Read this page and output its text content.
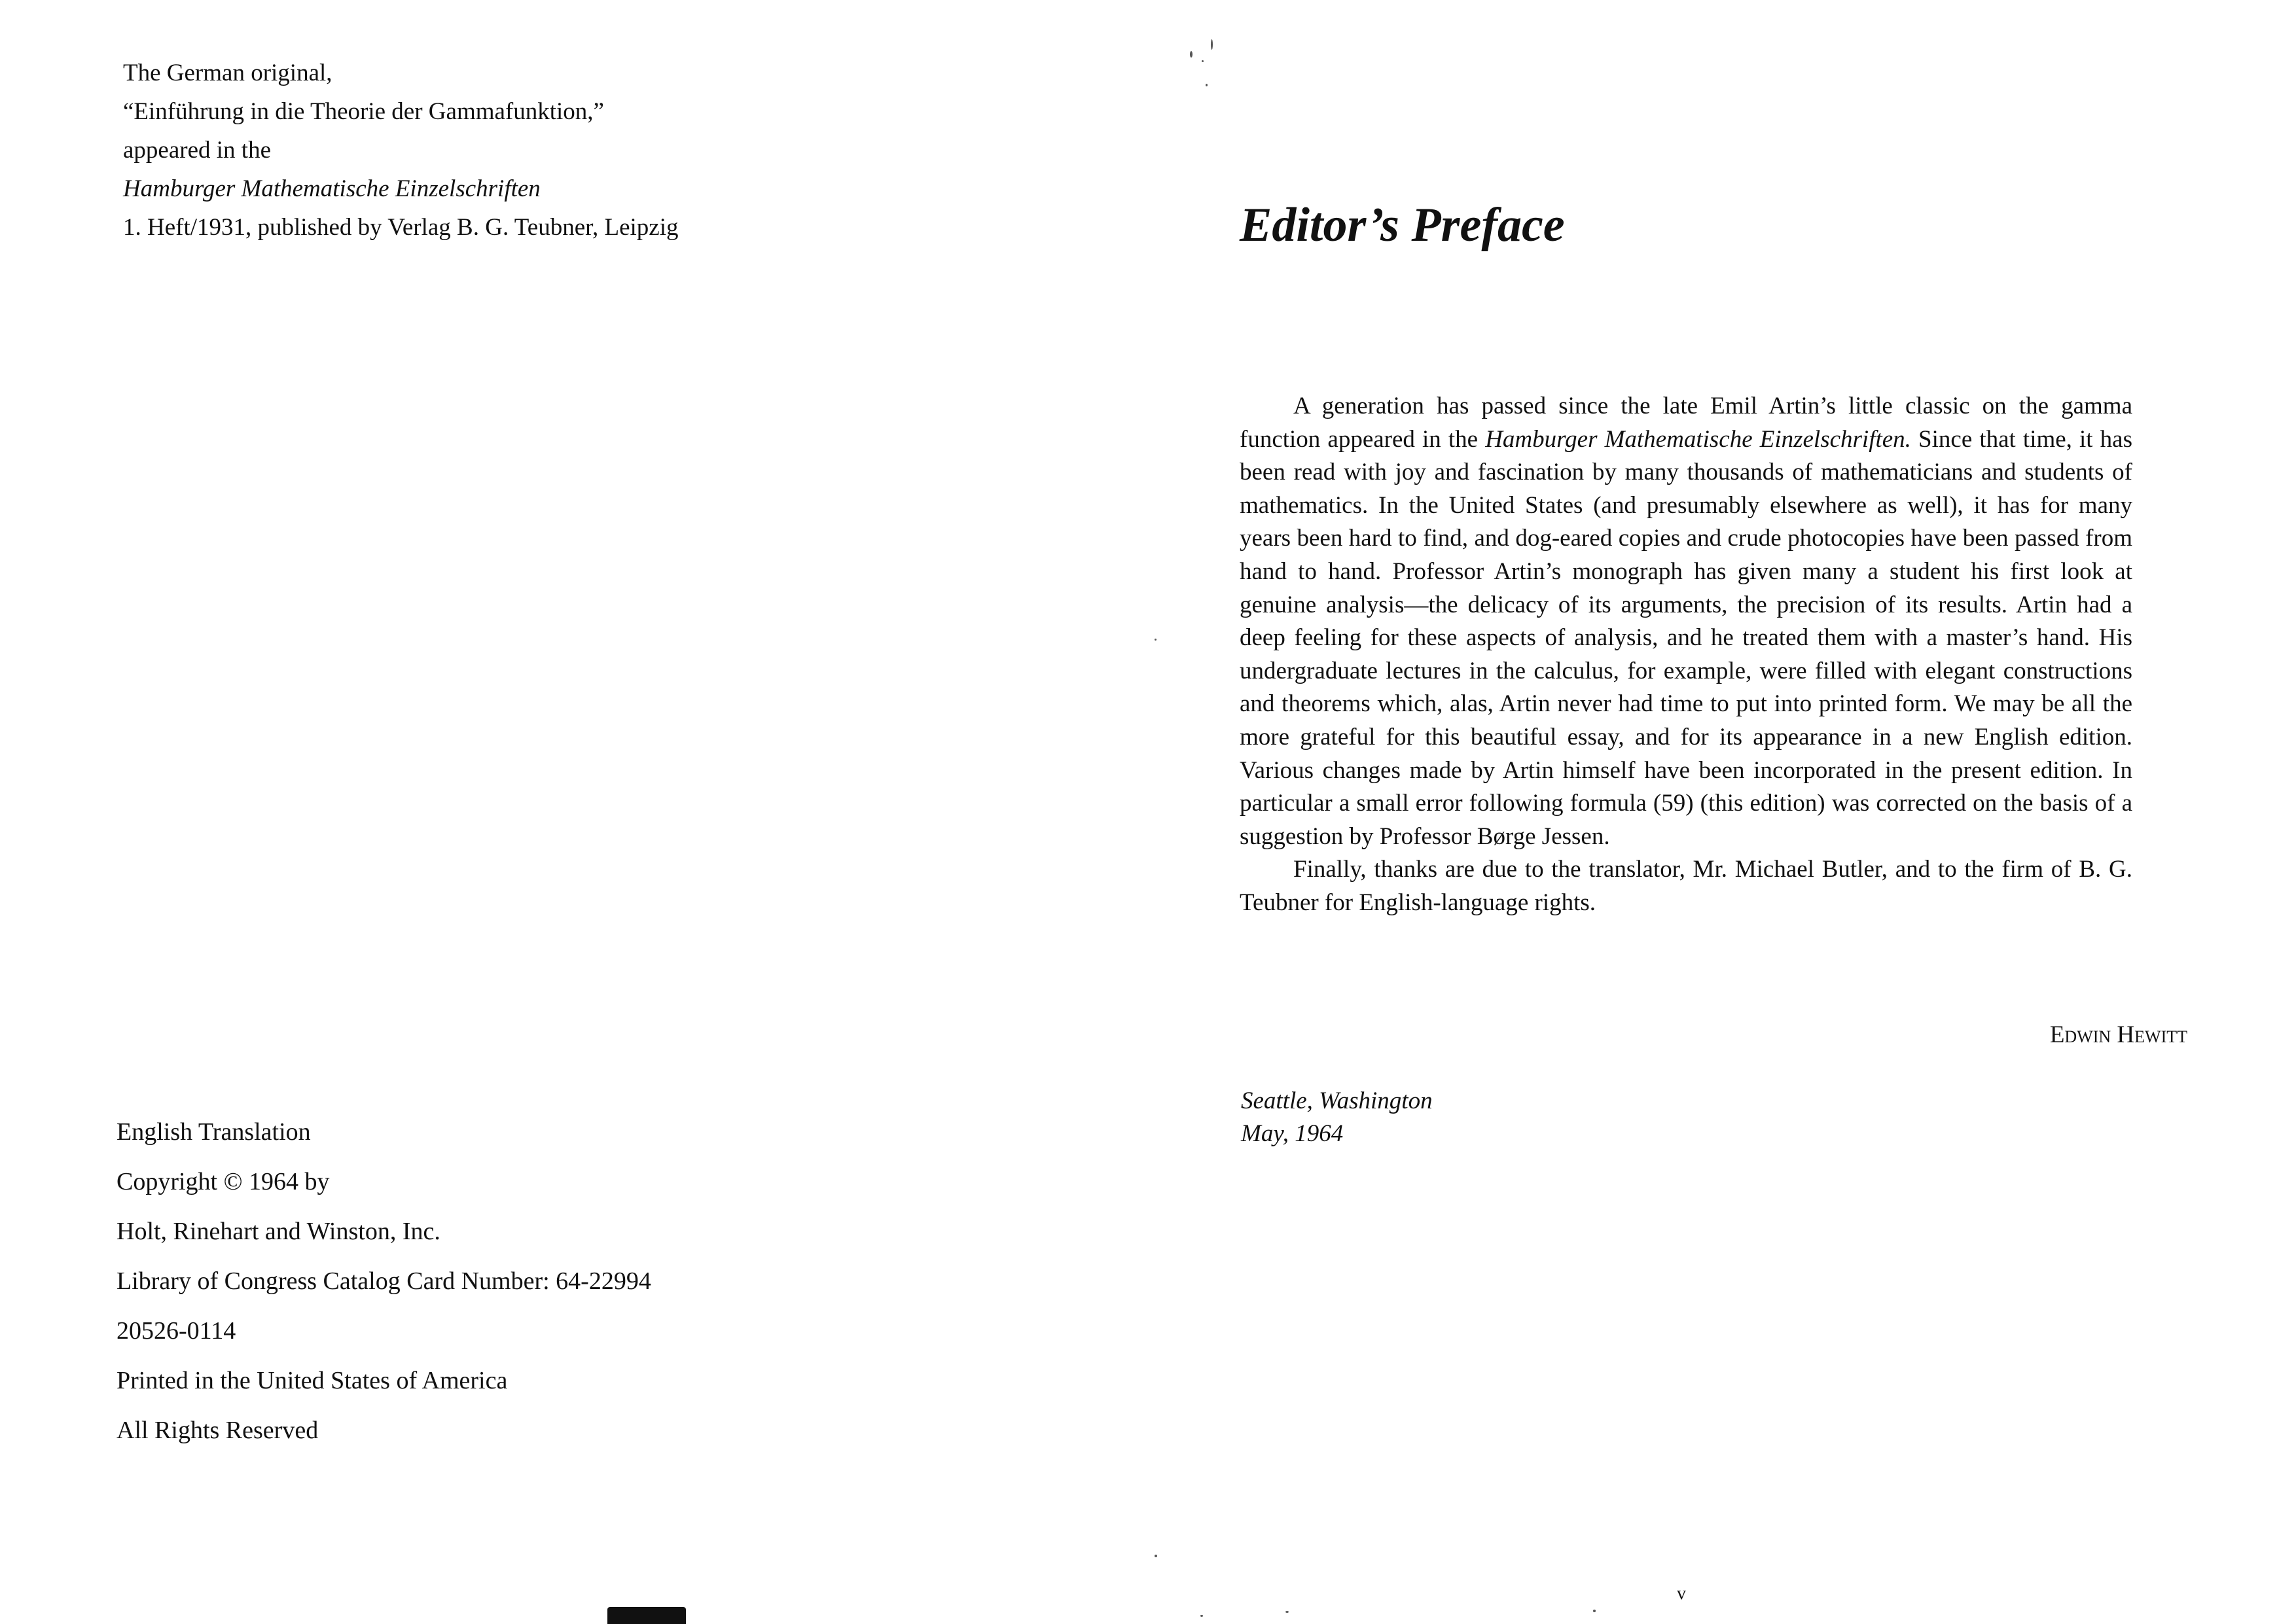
The German original,
“Einführung in die Theorie der Gammafunktion,”
appeared in the
Hamburger Mathematische Einzelschriften
1. Heft/1931, published by Verlag B. G. Teubner, Leipzig
English Translation
Copyright © 1964 by
Holt, Rinehart and Winston, Inc.
Library of Congress Catalog Card Number: 64-22994
20526-0114
Printed in the United States of America
All Rights Reserved
Editor’s Preface

A generation has passed since the late Emil Artin’s little classic on the gamma function appeared in the Hamburger Mathematische Einzelschriften. Since that time, it has been read with joy and fascination by many thousands of mathematicians and students of mathematics. In the United States (and presumably elsewhere as well), it has for many years been hard to find, and dog-eared copies and crude photocopies have been passed from hand to hand. Professor Artin’s monograph has given many a student his first look at genuine analysis—the delicacy of its arguments, the precision of its results. Artin had a deep feeling for these aspects of analysis, and he treated them with a master’s hand. His undergraduate lectures in the calculus, for example, were filled with elegant constructions and theorems which, alas, Artin never had time to put into printed form. We may be all the more grateful for this beautiful essay, and for its appearance in a new English edition. Various changes made by Artin himself have been incorporated in the present edition. In particular a small error following formula (59) (this edition) was corrected on the basis of a suggestion by Professor Børge Jessen.

Finally, thanks are due to the translator, Mr. Michael Butler, and to the firm of B. G. Teubner for English-language rights.

Edwin Hewitt
Seattle, Washington
May, 1964
v
